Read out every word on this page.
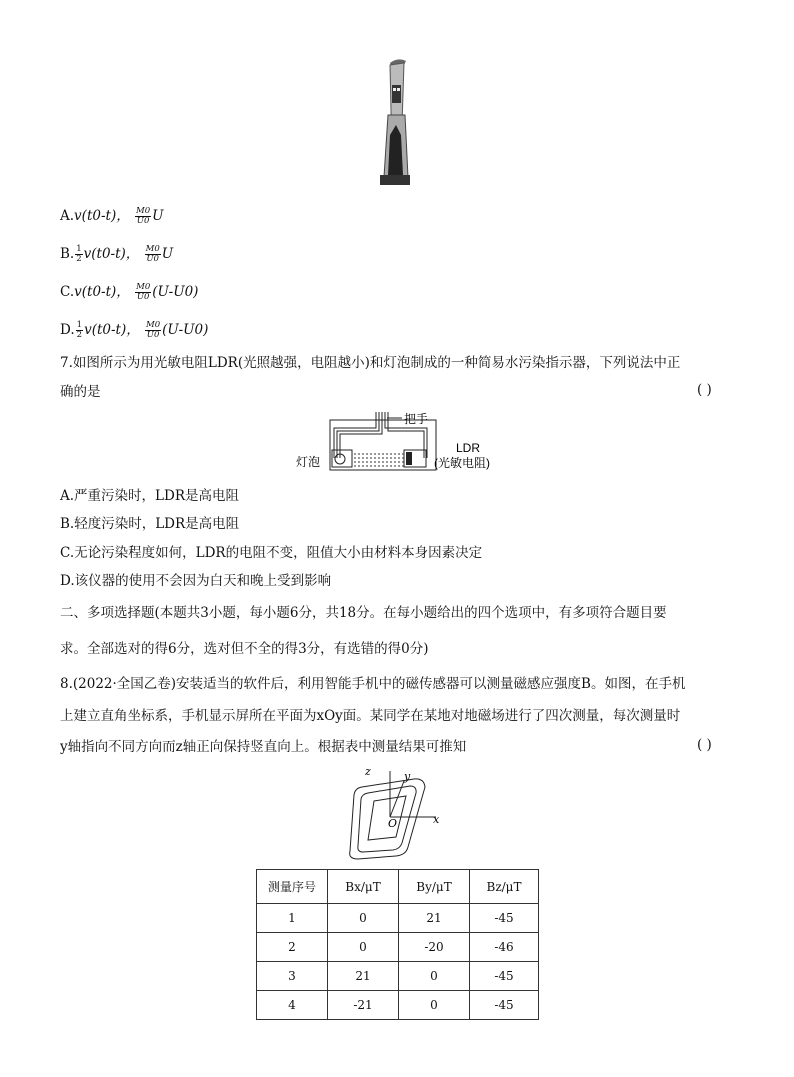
A.v(t0-t)， $\frac{M0}{U0}$ U
B. $\frac{1}{2} v(t0-t)$， $\frac{M0}{U0}$ U
C.v(t0-t)， $\frac{M0}{U0} (U-U0)$
D. $\frac{1}{2} v(t0-t)$， $\frac{M0}{U0} (U-U0)$
7.如图所示为用光敏电阻LDR(光照越强，电阻越小)和灯泡制成的一种简易水污染指示器，下列说法中正
确的是	( )
把手
灯泡
LDR
(光敏电阻)
A.严重污染时，LDR是高电阻
B.轻度污染时，LDR是高电阻
C.无论污染程度如何，LDR的电阻不变，阻值大小由材料本身因素决定
D.该仪器的使用不会因为白天和晚上受到影响
二、多项选择题(本题共3小题，每小题6分，共18分。在每小题给出的四个选项中，有多项符合题目要
求。全部选对的得6分，选对但不全的得3分，有选错的得0分)
8.(2022·全国乙卷)安装适当的软件后，利用智能手机中的磁传感器可以测量磁感应强度B。如图，在手机
上建立直角坐标系，手机显示屏所在平面为xOy面。某同学在某地对地磁场进行了四次测量，每次测量时
y轴指向不同方向而z轴正向保持竖直向上。根据表中测量结果可推知	( )
z	y
x
O
测量序号	Bx/μT	By/μT	Bz/μT
1	0	21	-45
2	0	-20	-46
3	21	0	-45
4	-21	0	-45
